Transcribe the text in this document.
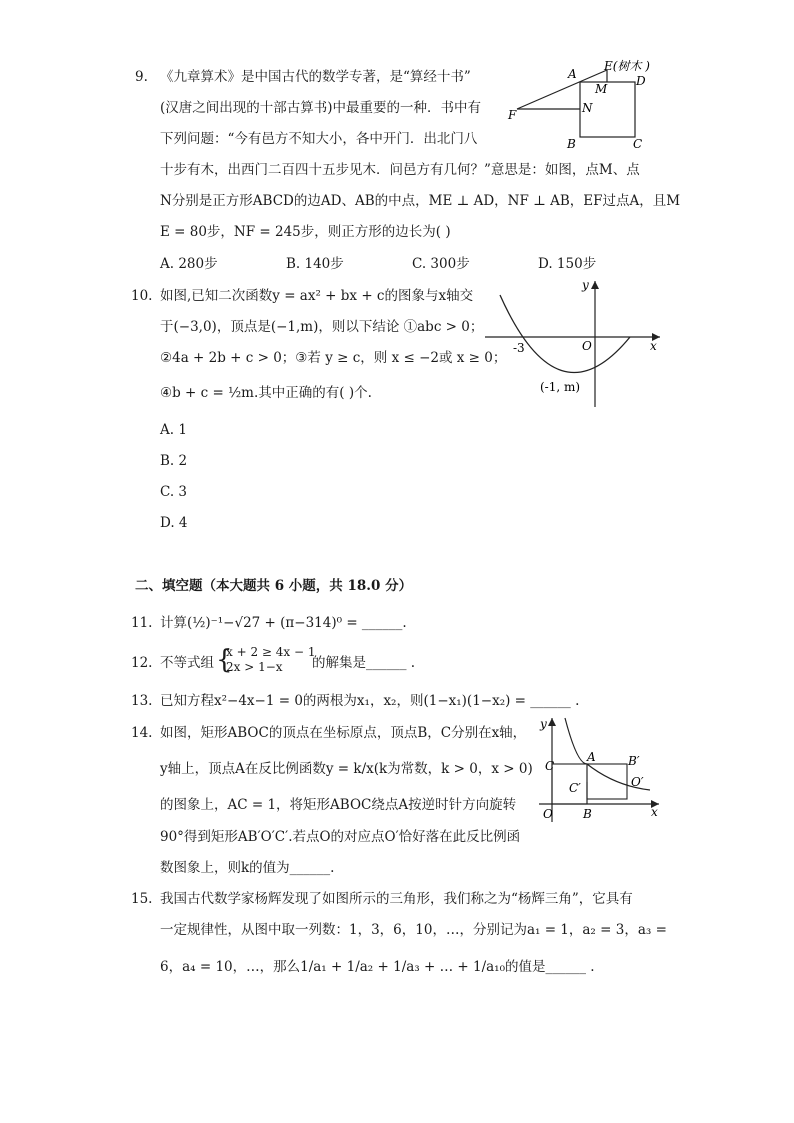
9. 《九章算术》是中国古代的数学专著，是“算经十书”
(汉唐之间出现的十部古算书)中最重要的一种．书中有
下列问题：“今有邑方不知大小，各中开门．出北门八
十步有木，出西门二百四十五步见木．问邑方有几何？”意思是：如图，点M、点
N分别是正方形ABCD的边AD、AB的中点，ME ⊥ AD，NF ⊥ AB，EF过点A，且M
E = 80步，NF = 245步，则正方形的边长为( )
A. 280步	B. 140步	C. 300步	D. 150步
A
E(树木 )
D
M
N
F
B	C
10. 如图,已知二次函数y = ax² + bx + c的图象与x轴交
于(−3,0)，顶点是(−1,m)，则以下结论 ①abc > 0；
②4a + 2b + c > 0；③若 y ≥ c，则 x ≤ −2或 x ≥ 0；
④b + c = ½m.其中正确的有( )个.
A. 1
B. 2
C. 3
D. 4
y
x
O
-3
(-1, m)
二、填空题（本大题共 6 小题，共 18.0 分）
11. 计算(½)⁻¹−√27 + (π−314)⁰ = ______.
12. 不等式组 {
x + 2 ≥ 4x − 1
2x > 1−x 的解集是______ .
13. 已知方程x²−4x−1 = 0的两根为x₁，x₂，则(1−x₁)(1−x₂) = ______ .
14. 如图，矩形ABOC的顶点在坐标原点，顶点B，C分别在x轴，
y轴上，顶点A在反比例函数y = k/x(k为常数，k > 0，x > 0)
的图象上，AC = 1，将矩形ABOC绕点A按逆时针方向旋转
90°得到矩形AB′O′C′.若点O的对应点O′恰好落在此反比例函
数图象上，则k的值为______.
y
x
O	B
C
A	B′
C′	O′
15. 我国古代数学家杨辉发现了如图所示的三角形，我们称之为“杨辉三角”，它具有
一定规律性，从图中取一列数：1，3，6，10，…，分别记为a₁ = 1，a₂ = 3，a₃ =
6，a₄ = 10，…，那么1/a₁ + 1/a₂ + 1/a₃ + … + 1/a₁₀的值是______ .
